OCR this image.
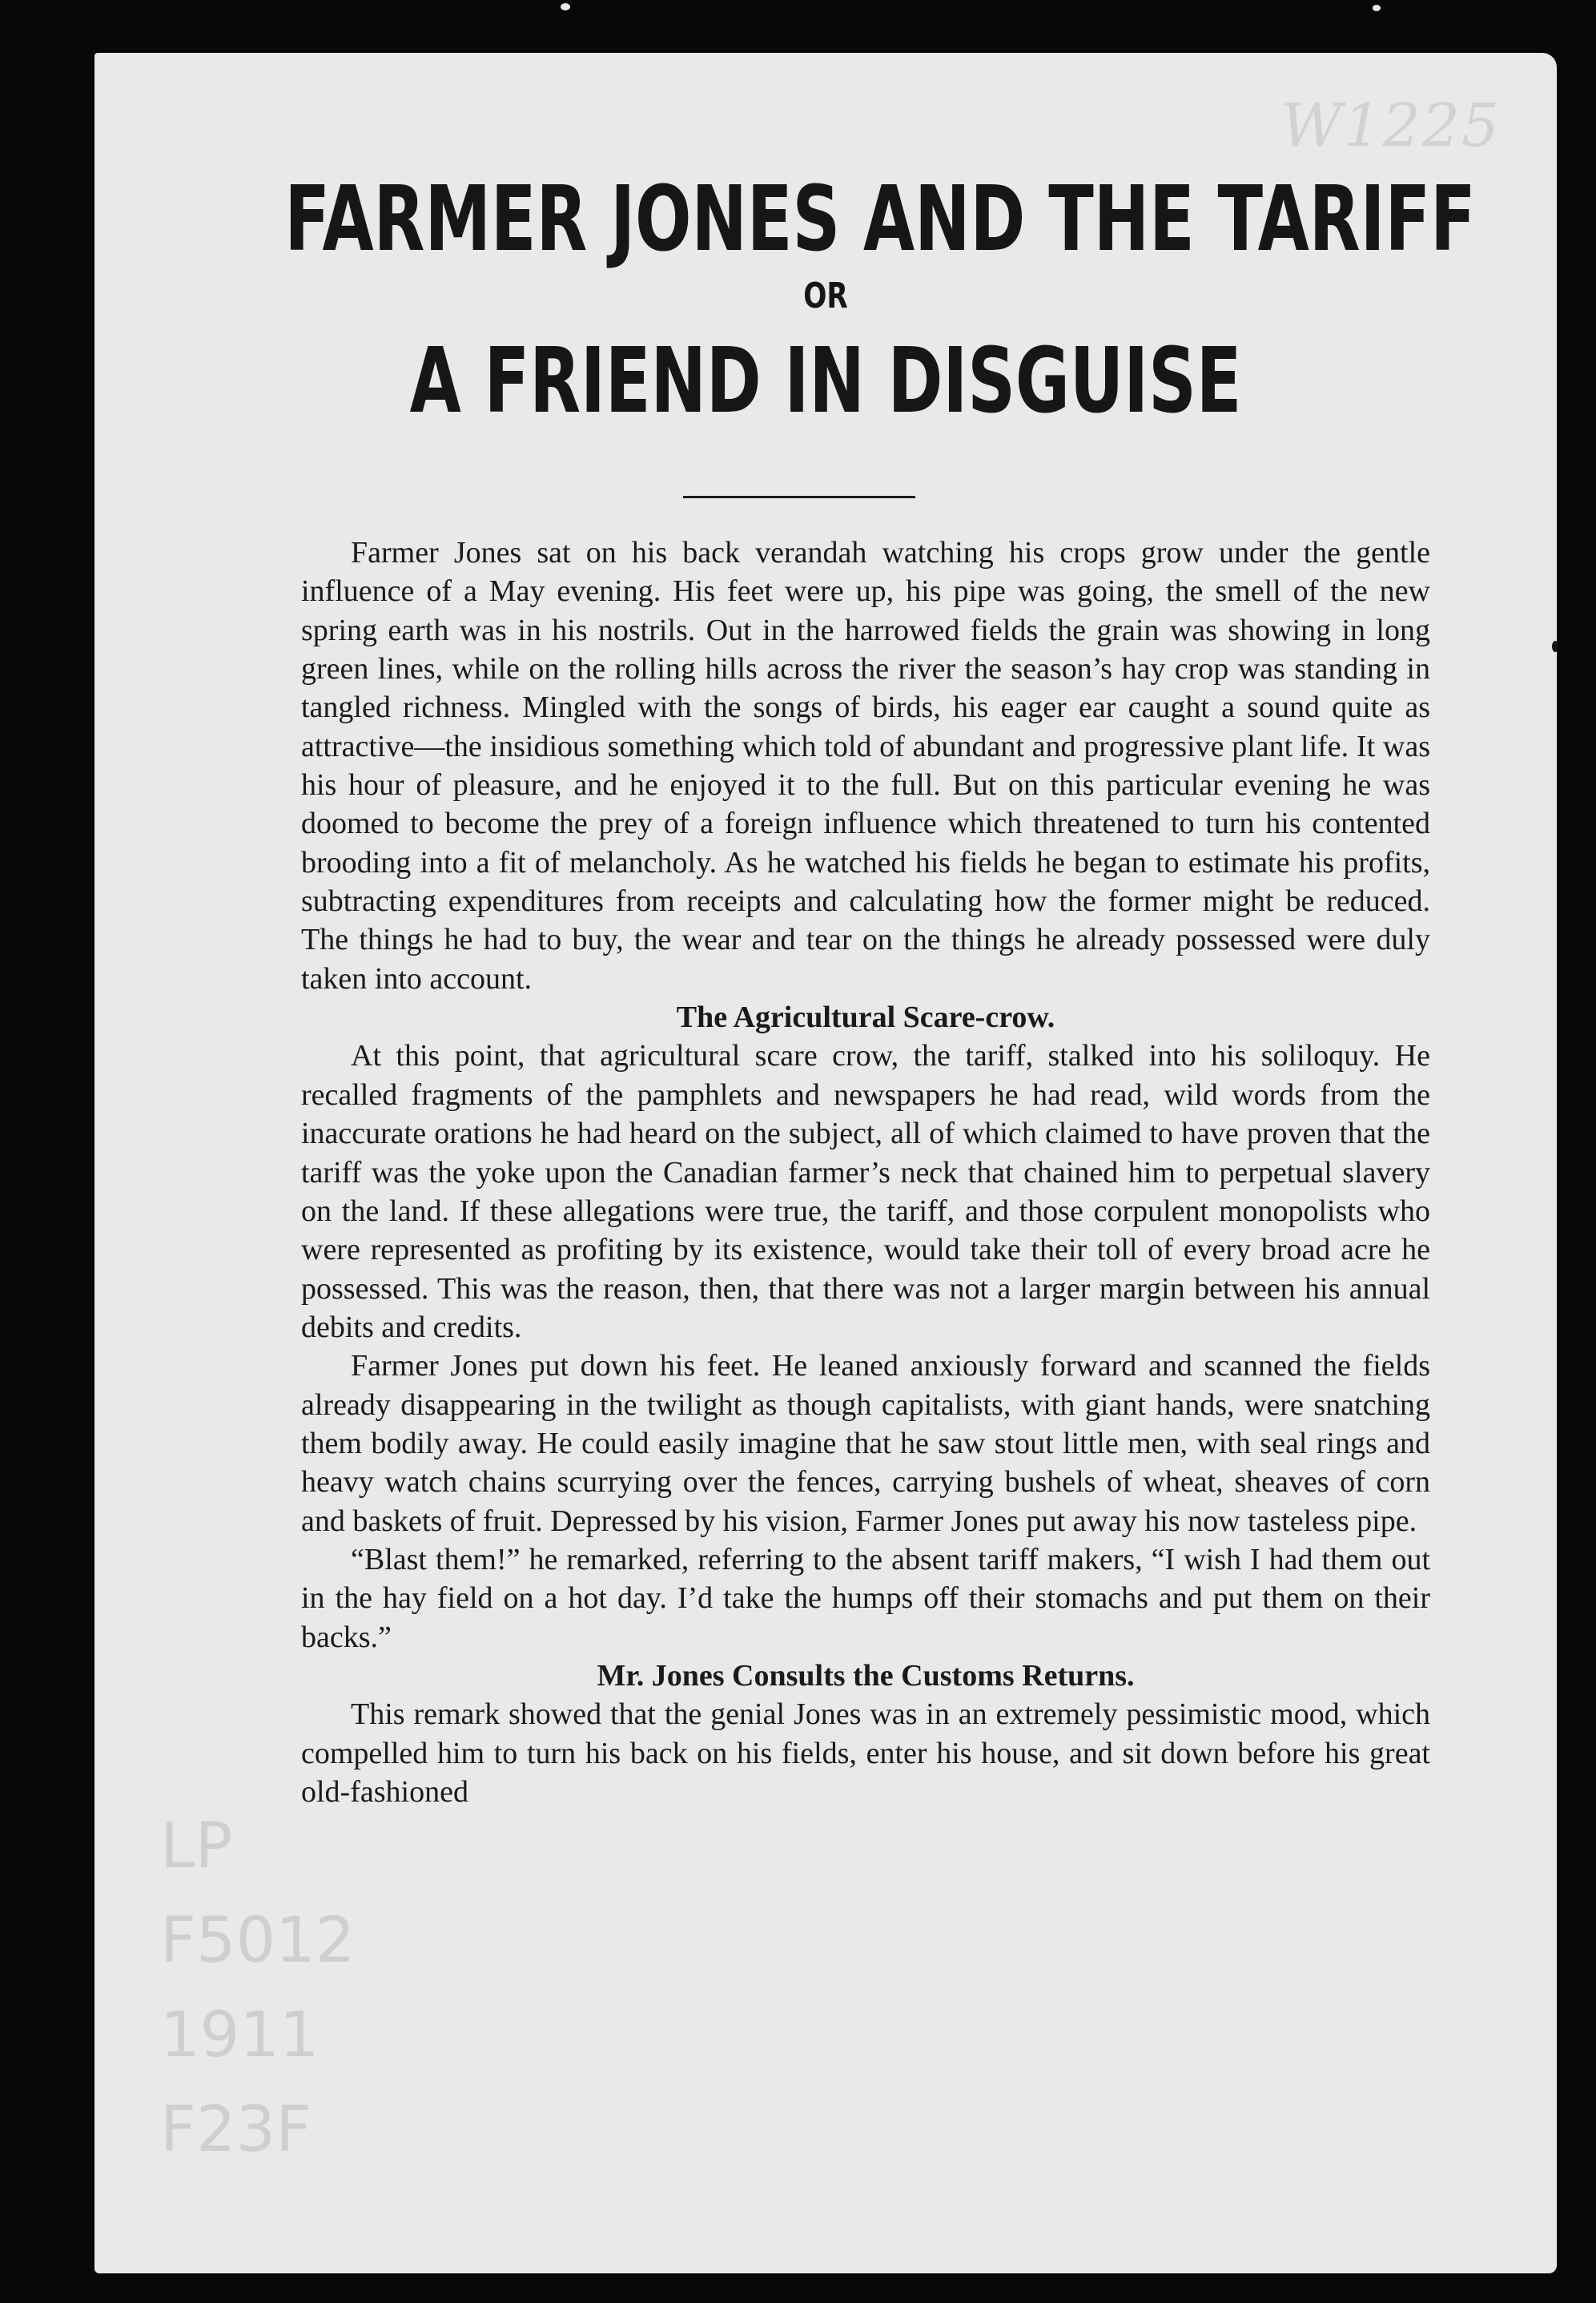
W1225
LP
F5012
1911
F23F
FARMER JONES AND THE TARIFF
OR
A FRIEND IN DISGUISE

Farmer Jones sat on his back verandah watching his crops grow under the gentle influence of a May evening. His feet were up, his pipe was going, the smell of the new spring earth was in his nostrils. Out in the harrowed fields the grain was showing in long green lines, while on the rolling hills across the river the season’s hay crop was standing in tangled richness. Mingled with the songs of birds, his eager ear caught a sound quite as attractive—the insidious something which told of abundant and progressive plant life. It was his hour of pleasure, and he enjoyed it to the full. But on this particular evening he was doomed to become the prey of a foreign influence which threatened to turn his contented brooding into a fit of melancholy. As he watched his fields he began to estimate his profits, subtracting expenditures from receipts and calculating how the former might be reduced. The things he had to buy, the wear and tear on the things he already possessed were duly taken into account.

The Agricultural Scare-crow.

At this point, that agricultural scare crow, the tariff, stalked into his soliloquy. He recalled fragments of the pamphlets and newspapers he had read, wild words from the inaccurate orations he had heard on the subject, all of which claimed to have proven that the tariff was the yoke upon the Canadian farmer’s neck that chained him to perpetual slavery on the land. If these allegations were true, the tariff, and those corpulent monopolists who were represented as profiting by its existence, would take their toll of every broad acre he possessed. This was the reason, then, that there was not a larger margin between his annual debits and credits.

Farmer Jones put down his feet. He leaned anxiously forward and scanned the fields already disappearing in the twilight as though capitalists, with giant hands, were snatching them bodily away. He could easily imagine that he saw stout little men, with seal rings and heavy watch chains scurrying over the fences, carrying bushels of wheat, sheaves of corn and baskets of fruit. Depressed by his vision, Farmer Jones put away his now tasteless pipe.

“Blast them!” he remarked, referring to the absent tariff makers, “I wish I had them out in the hay field on a hot day. I’d take the humps off their stomachs and put them on their backs.”

Mr. Jones Consults the Customs Returns.

This remark showed that the genial Jones was in an extremely pessimistic mood, which compelled him to turn his back on his fields, enter his house, and sit down before his great old-fashioned
